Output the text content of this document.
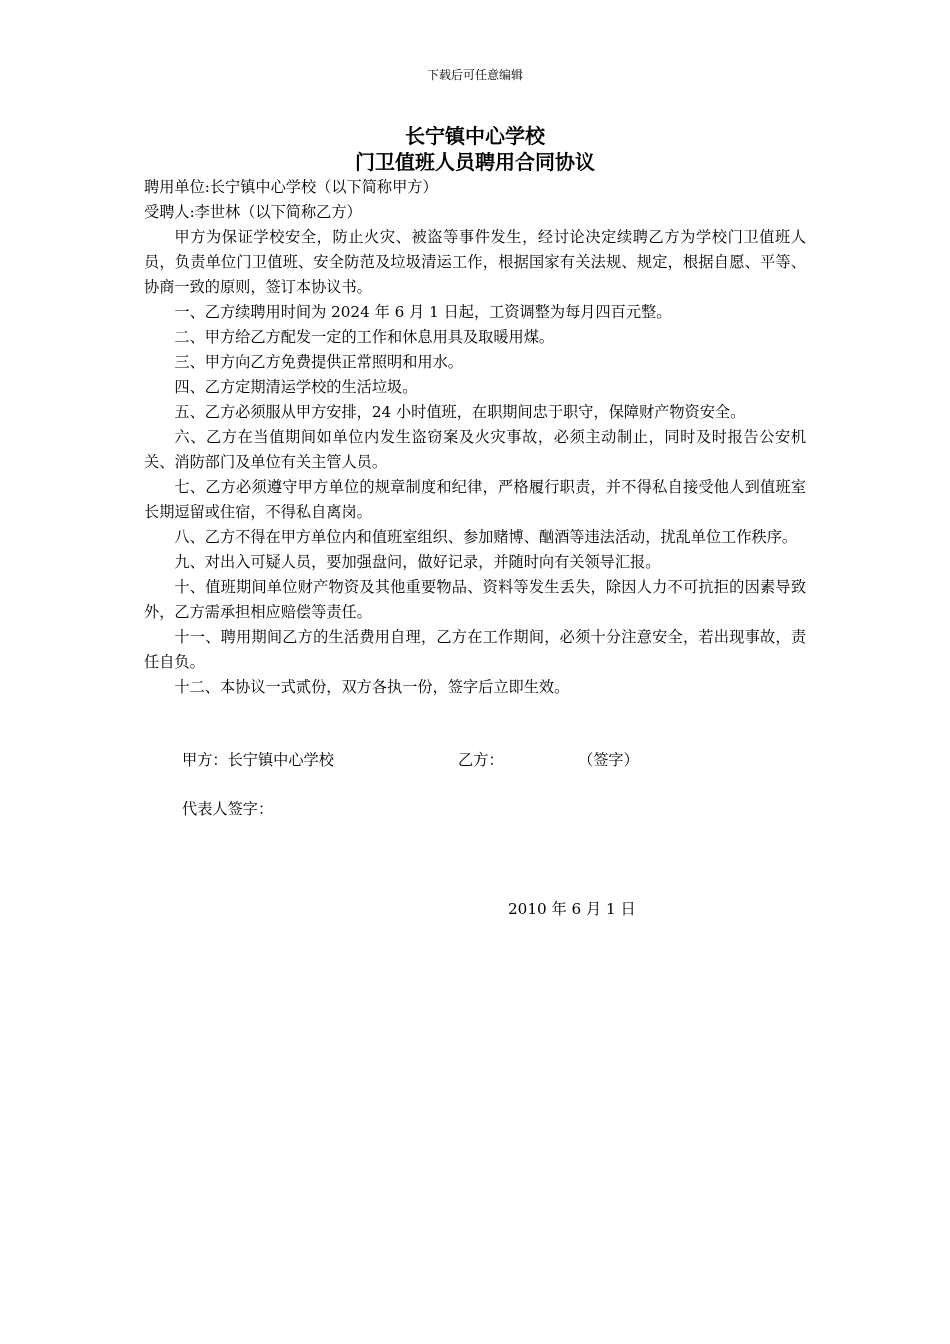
下载后可任意编辑
长宁镇中心学校
门卫值班人员聘用合同协议

聘用单位:长宁镇中心学校（以下简称甲方）

受聘人:李世林（以下简称乙方）

甲方为保证学校安全，防止火灾、被盗等事件发生，经讨论决定续聘乙方为学校门卫值班人员，负责单位门卫值班、安全防范及垃圾清运工作，根据国家有关法规、规定，根据自愿、平等、协商一致的原则，签订本协议书。

一、乙方续聘用时间为 2024 年 6 月 1 日起，工资调整为每月四百元整。

二、甲方给乙方配发一定的工作和休息用具及取暖用煤。

三、甲方向乙方免费提供正常照明和用水。

四、乙方定期清运学校的生活垃圾。

五、乙方必须服从甲方安排，24 小时值班，在职期间忠于职守，保障财产物资安全。

六、乙方在当值期间如单位内发生盗窃案及火灾事故，必须主动制止，同时及时报告公安机关、消防部门及单位有关主管人员。

七、乙方必须遵守甲方单位的规章制度和纪律，严格履行职责，并不得私自接受他人到值班室长期逗留或住宿，不得私自离岗。

八、乙方不得在甲方单位内和值班室组织、参加赌博、酗酒等违法活动，扰乱单位工作秩序。

九、对出入可疑人员，要加强盘问，做好记录，并随时向有关领导汇报。

十、值班期间单位财产物资及其他重要物品、资料等发生丢失，除因人力不可抗拒的因素导致外，乙方需承担相应赔偿等责任。

十一、聘用期间乙方的生活费用自理，乙方在工作期间，必须十分注意安全，若出现事故，责任自负。

十二、本协议一式贰份，双方各执一份，签字后立即生效。

甲方：长宁镇中心学校	乙方：	（签字）
代表人签字：
2010 年 6 月 1 日
